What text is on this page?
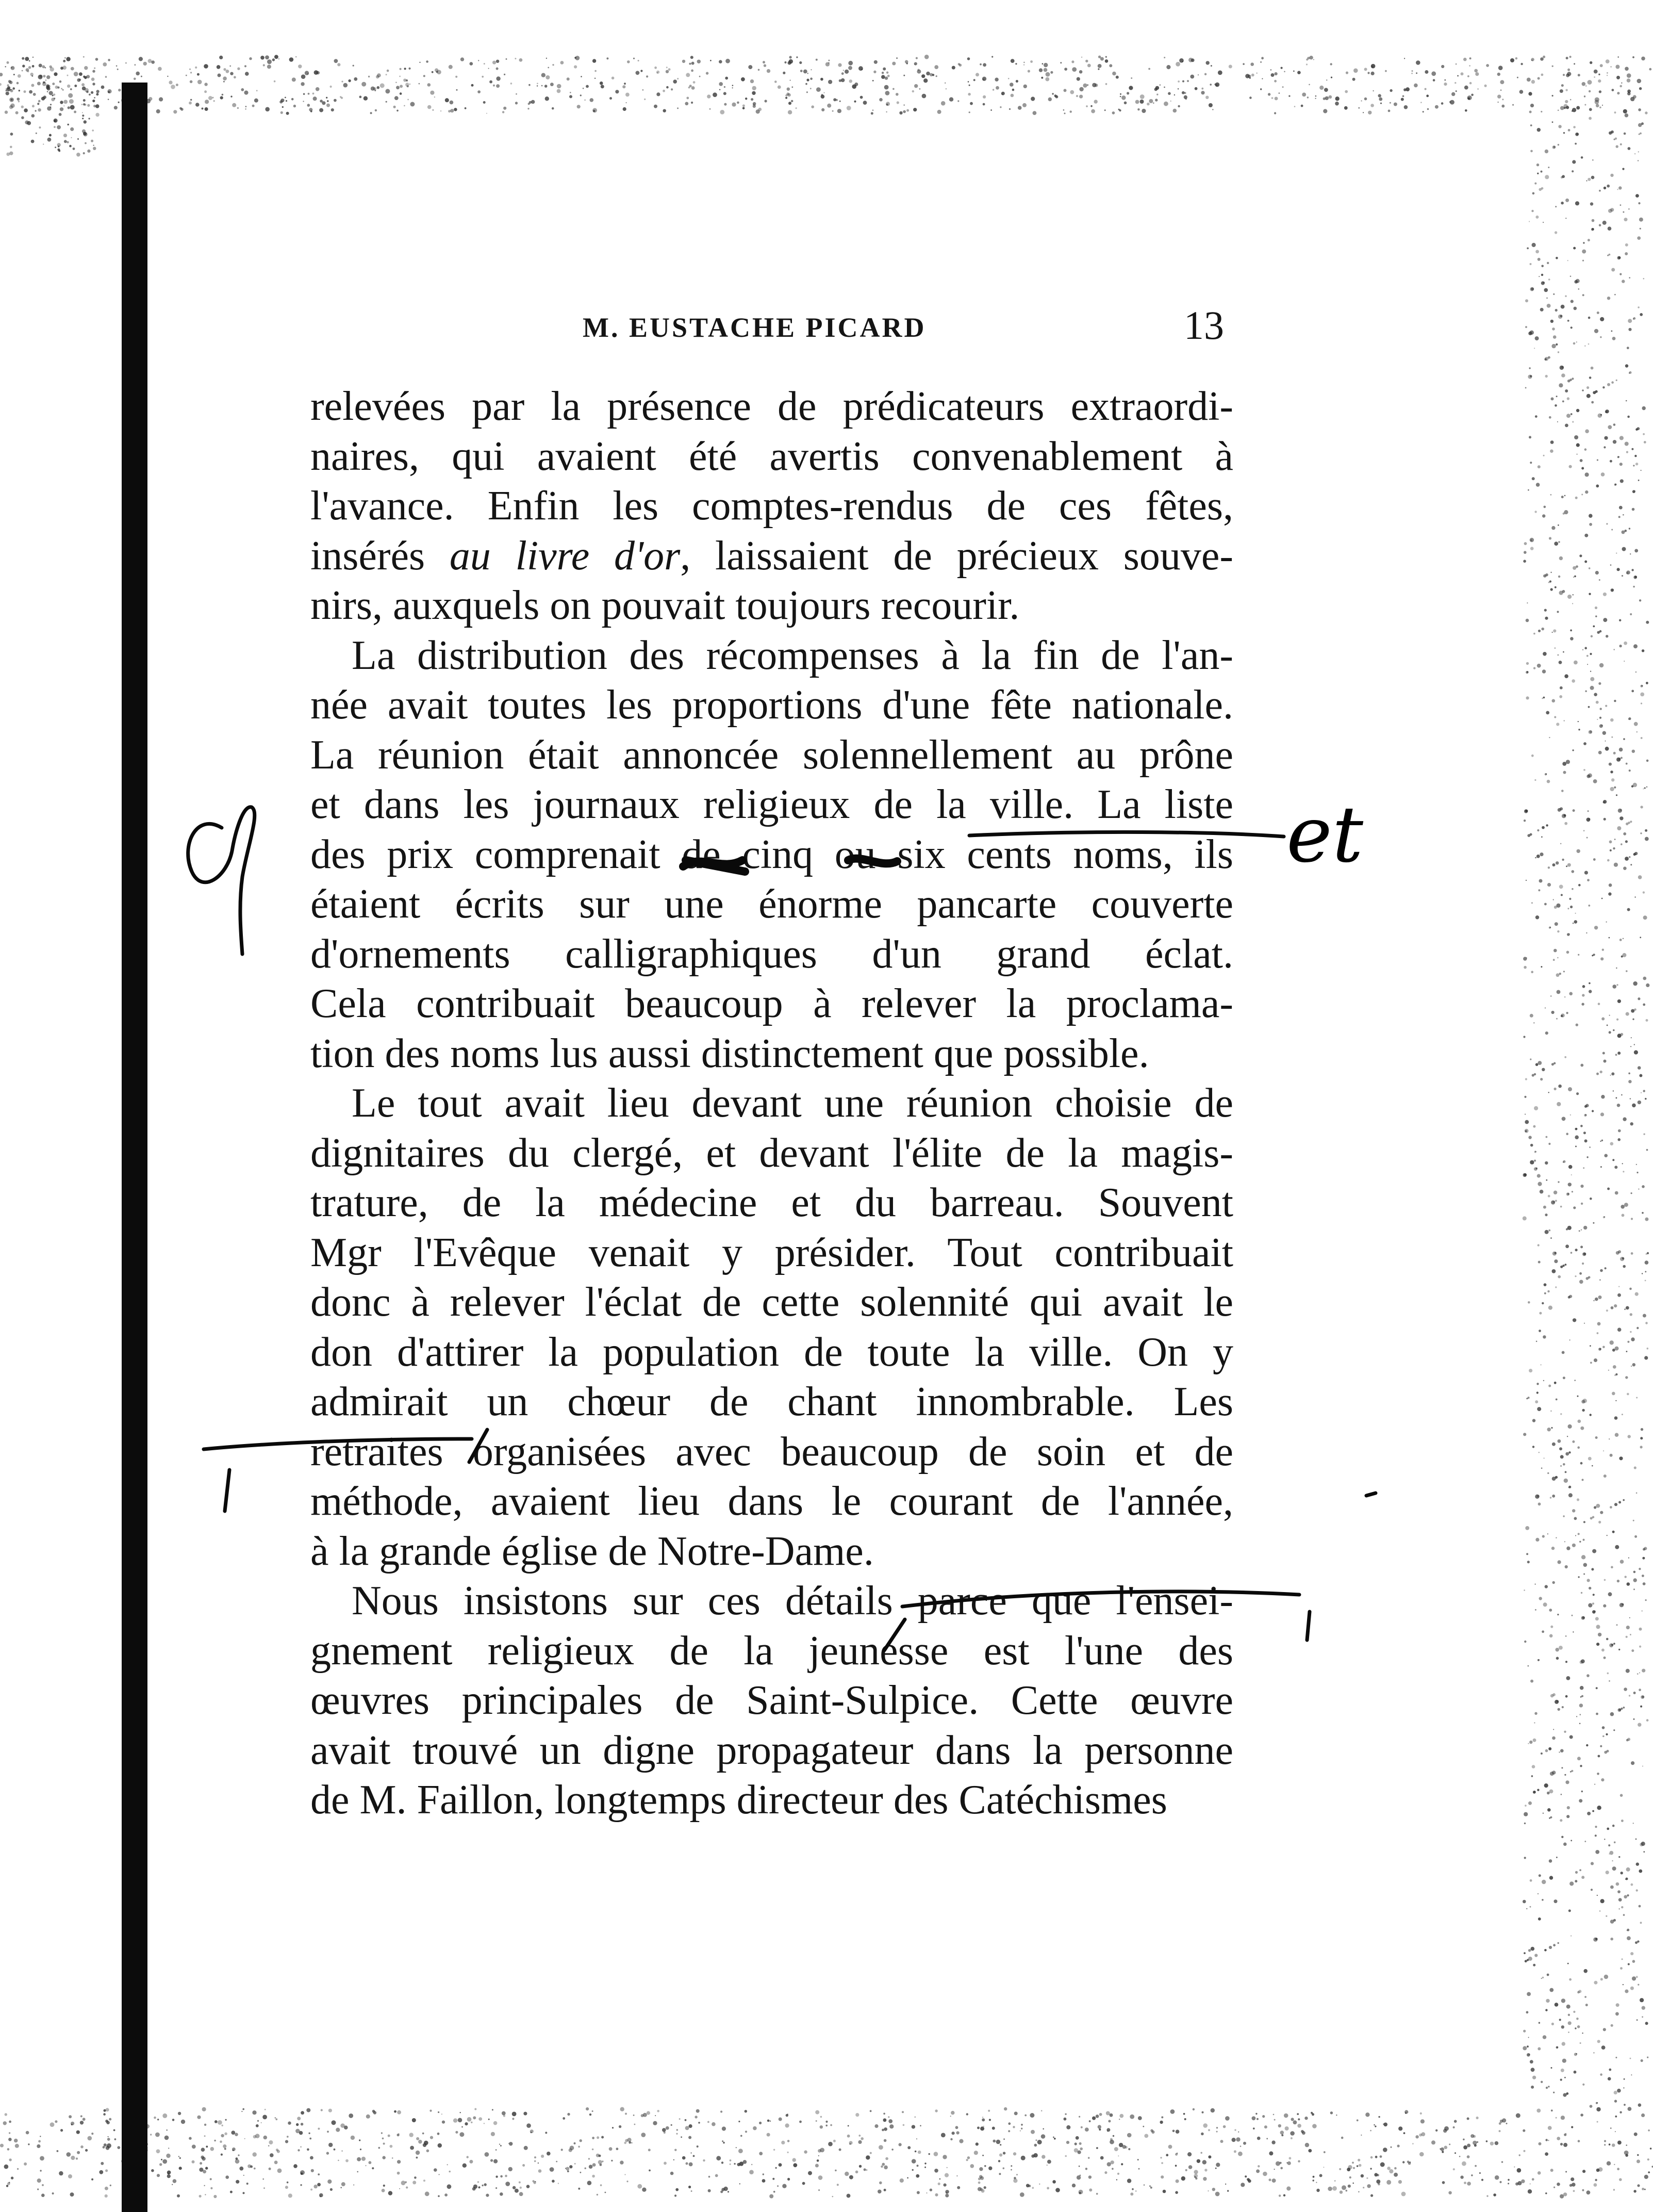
M. EUSTACHE PICARD	13
relevées par la présence de prédicateurs extraordi-
naires, qui avaient été avertis convenablement à
l'avance. Enfin les comptes-rendus de ces fêtes,
insérés au livre d'or, laissaient de précieux souve-
nirs, auxquels on pouvait toujours recourir.
La distribution des récompenses à la fin de l'an-
née avait toutes les proportions d'une fête nationale.
La réunion était annoncée solennellement au prône
et dans les journaux religieux de la ville. La liste
des prix comprenait de cinq ou six cents noms, ils
étaient écrits sur une énorme pancarte couverte
d'ornements calligraphiques d'un grand éclat.
Cela contribuait beaucoup à relever la proclama-
tion des noms lus aussi distinctement que possible.
Le tout avait lieu devant une réunion choisie de
dignitaires du clergé, et devant l'élite de la magis-
trature, de la médecine et du barreau. Souvent
Mgr l'Evêque venait y présider. Tout contribuait
donc à relever l'éclat de cette solennité qui avait le
don d'attirer la population de toute la ville. On y
admirait un chœur de chant innombrable. Les
retraites organisées avec beaucoup de soin et de
méthode, avaient lieu dans le courant de l'année,
à la grande église de Notre-Dame.
Nous insistons sur ces détails parce que l'ensei-
gnement religieux de la jeunesse est l'une des
œuvres principales de Saint-Sulpice. Cette œuvre
avait trouvé un digne propagateur dans la personne
de M. Faillon, longtemps directeur des Catéchismes
et
